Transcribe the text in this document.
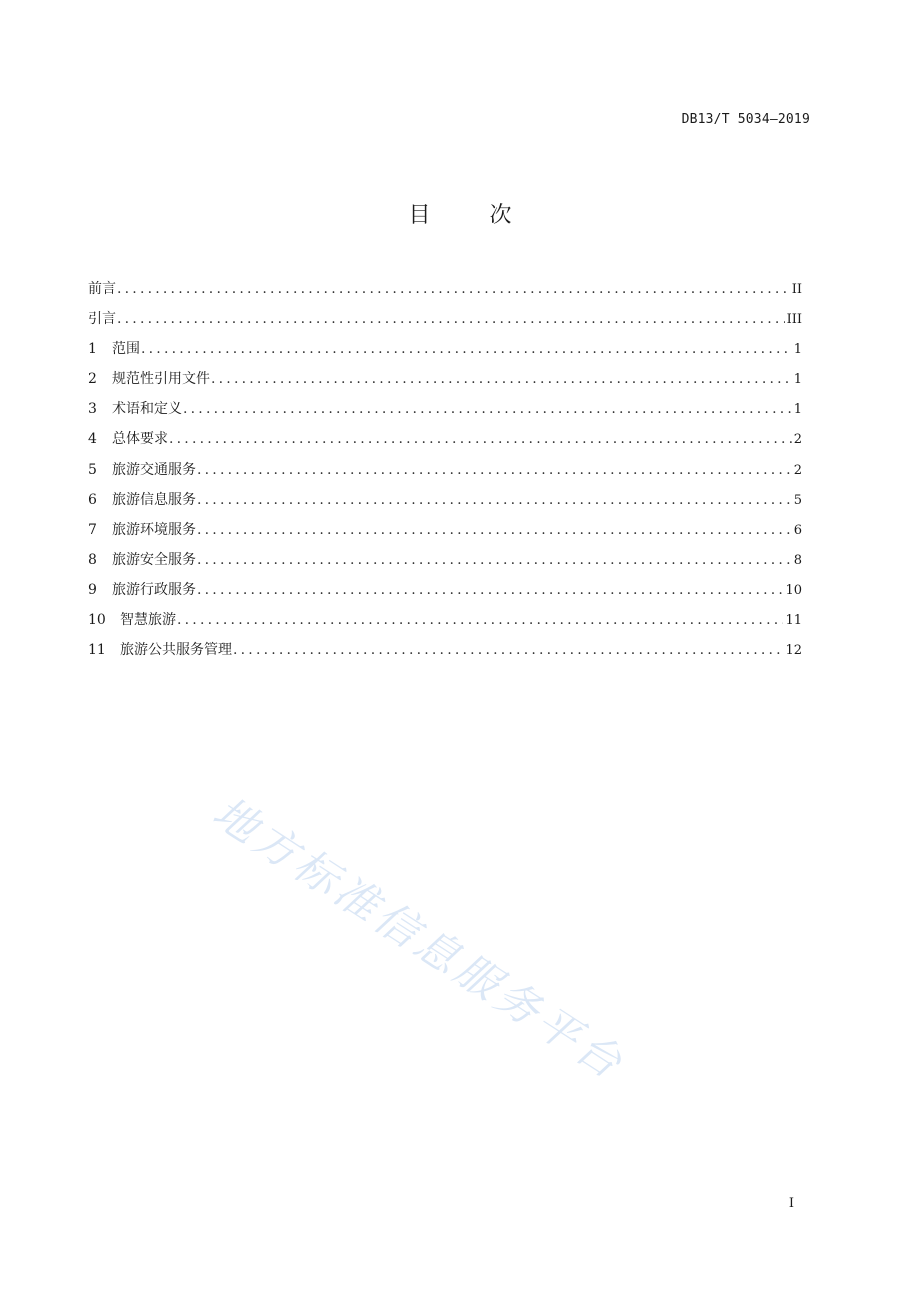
DB13/T 5034—2019
目 次
前言 .....	II
引言 .....	III
1	范围 .....	1
2	规范性引用文件 .....	1
3	术语和定义 .....	1
4	总体要求 .....	2
5	旅游交通服务 .....	2
6	旅游信息服务 .....	5
7	旅游环境服务 .....	6
8	旅游安全服务 .....	8
9	旅游行政服务 .....	10
10	智慧旅游 .....	11
11	旅游公共服务管理 .....	12
地方标准信息服务平台
I
